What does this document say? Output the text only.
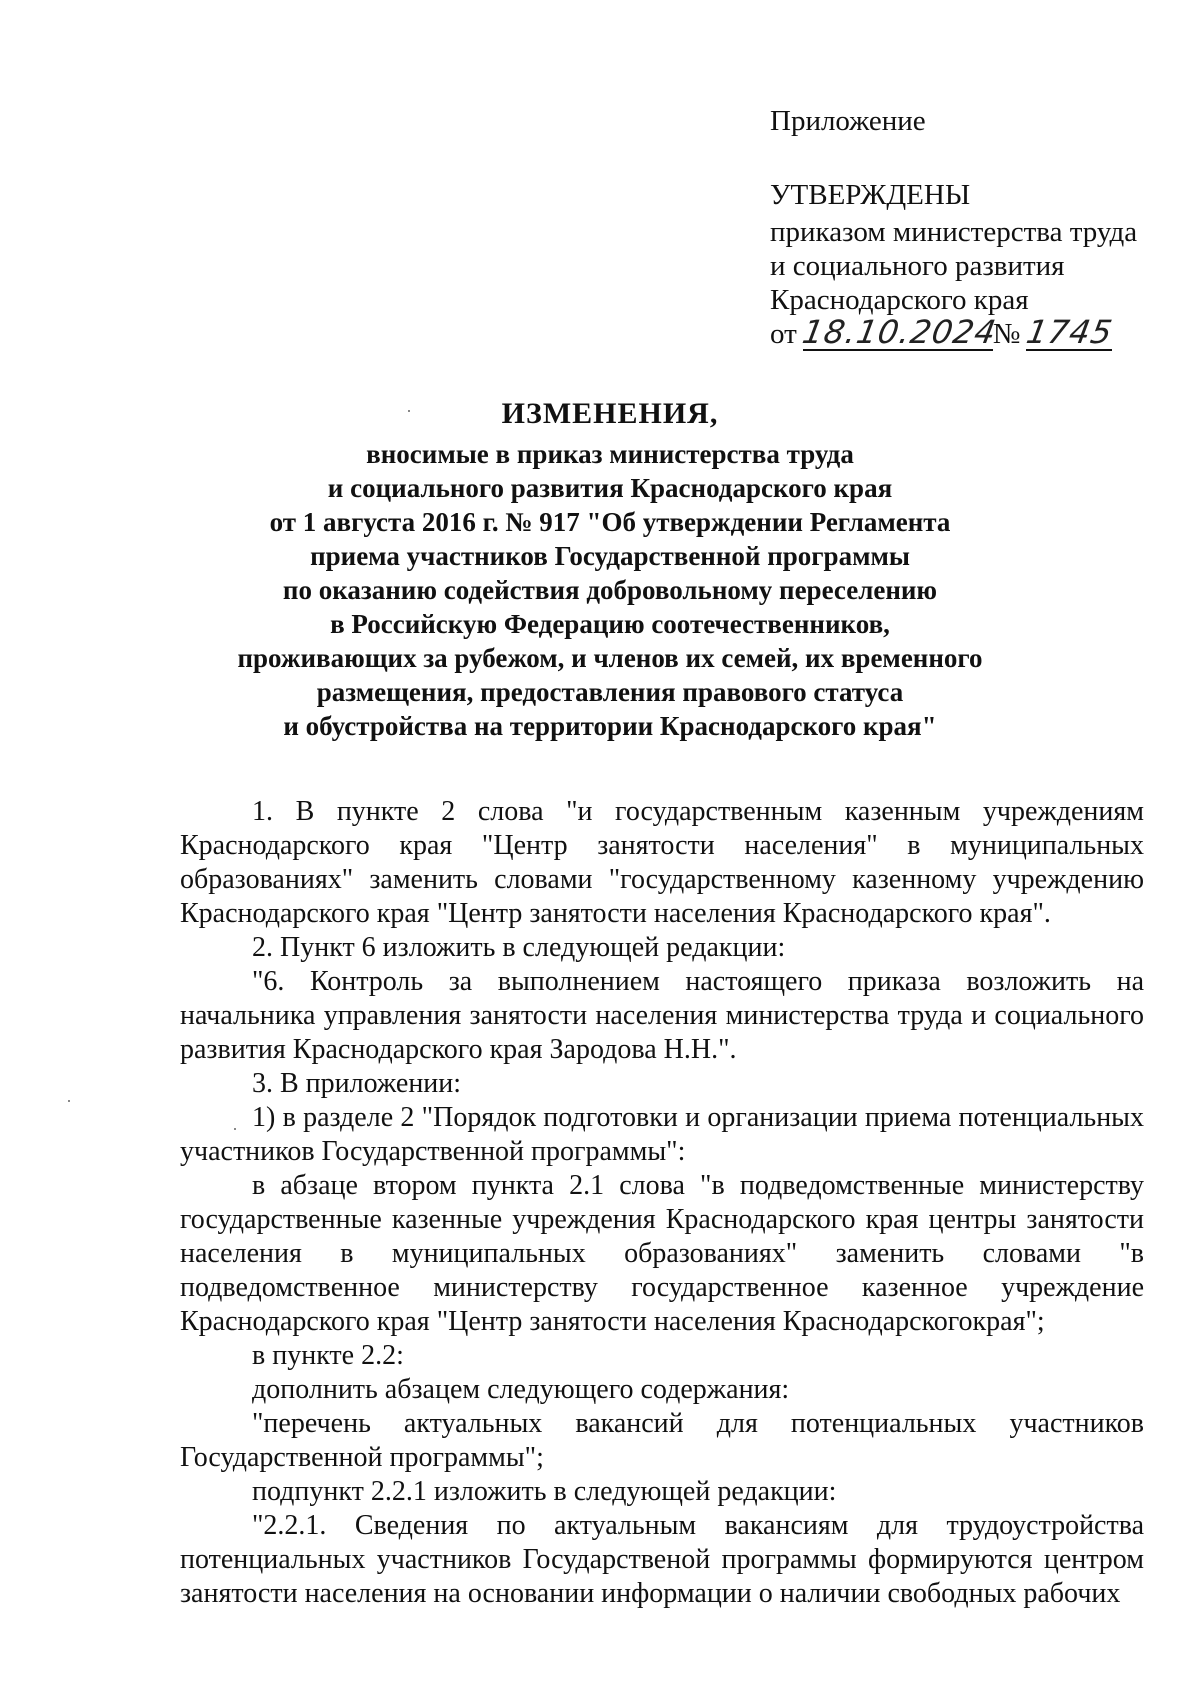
Приложение
УТВЕРЖДЕНЫ
приказом министерства труда
и социального развития
Краснодарского края
от18.10.2024№1745
ИЗМЕНЕНИЯ,
вносимые в приказ министерства труда
и социального развития Краснодарского края
от 1 августа 2016 г. № 917 "Об утверждении Регламента
приема участников Государственной программы
по оказанию содействия добровольному переселению
в Российскую Федерацию соотечественников,
проживающих за рубежом, и членов их семей, их временного
размещения, предоставления правового статуса
и обустройства на территории Краснодарского края"

1. В пункте 2 слова "и государственным казенным учреждениям Краснодарского края "Центр занятости населения" в муниципальных образованиях" заменить словами "государственному казенному учреждению Краснодарского края "Центр занятости населения Краснодарского края".

2. Пункт 6 изложить в следующей редакции:

"6. Контроль за выполнением настоящего приказа возложить на начальника управления занятости населения министерства труда и социального развития Краснодарского края Зародова Н.Н.".

3. В приложении:

1) в разделе 2 "Порядок подготовки и организации приема потенциальных участников Государственной программы":

в абзаце втором пункта 2.1 слова "в подведомственные министерству государственные казенные учреждения Краснодарского края центры занятости населения в муниципальных образованиях" заменить словами "в подведомственное министерству государственное казенное учреждение Краснодарского края "Центр занятости населения Краснодарскогокрая";

в пункте 2.2:

дополнить абзацем следующего содержания:

"перечень актуальных вакансий для потенциальных участников Государственной программы";

подпункт 2.2.1 изложить в следующей редакции:

"2.2.1. Сведения по актуальным вакансиям для трудоустройства потенциальных участников Государственой программы формируются центром занятости населения на основании информации о наличии свободных рабочих
